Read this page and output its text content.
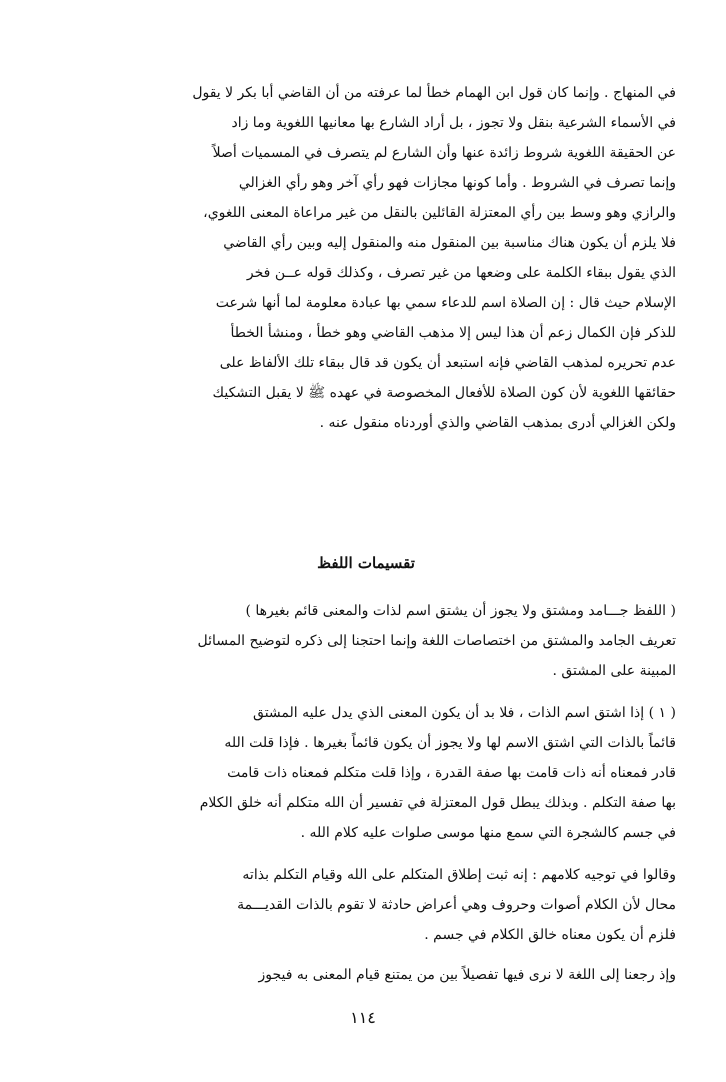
في المنهاج . وإنما كان قول ابن الهمام خطأ لما عرفته من أن القاضي أبا بكر لا يقول
في الأسماء الشرعية بنقل ولا تجوز ، بل أراد الشارع بها معانيها اللغوية وما زاد
عن الحقيقة اللغوية شروط زائدة عنها وأن الشارع لم يتصرف في المسميات أصلاً
وإنما تصرف في الشروط . وأما كونها مجازات فهو رأي آخر وهو رأي الغزالي
والرازي وهو وسط بين رأي المعتزلة القائلين بالنقل من غير مراعاة المعنى اللغوي،
فلا يلزم أن يكون هناك مناسبة بين المنقول منه والمنقول إليه وبين رأي القاضي
الذي يقول ببقاء الكلمة على وضعها من غير تصرف ، وكذلك قوله عــن فخر
الإسلام حيث قال : إن الصلاة اسم للدعاء سمي بها عبادة معلومة لما أنها شرعت
للذكر فإن الكمال زعم أن هذا ليس إلا مذهب القاضي وهو خطأ ، ومنشأ الخطأ
عدم تحريره لمذهب القاضي فإنه استبعد أن يكون قد قال ببقاء تلك الألفاظ على
حقائقها اللغوية لأن كون الصلاة للأفعال المخصوصة في عهده ﷺ لا يقبل التشكيك
ولكن الغزالي أدرى بمذهب القاضي والذي أوردناه منقول عنه .

تقسيمات اللفظ

( اللفظ جـــامد ومشتق ولا يجوز أن يشتق اسم لذات والمعنى قائم بغيرها )
تعريف الجامد والمشتق من اختصاصات اللغة وإنما احتجنا إلى ذكره لتوضيح المسائل
المبينة على المشتق .

( ١ ) إذا اشتق اسم الذات ، فلا بد أن يكون المعنى الذي يدل عليه المشتق
قائماً بالذات التي اشتق الاسم لها ولا يجوز أن يكون قائماً بغيرها . فإذا قلت الله
قادر فمعناه أنه ذات قامت بها صفة القدرة ، وإذا قلت متكلم فمعناه ذات قامت
بها صفة التكلم . وبذلك يبطل قول المعتزلة في تفسير أن الله متكلم أنه خلق الكلام
في جسم كالشجرة التي سمع منها موسى صلوات عليه كلام الله .

وقالوا في توجيه كلامهم : إنه ثبت إطلاق المتكلم على الله وقيام التكلم بذاته
محال لأن الكلام أصوات وحروف وهي أعراض حادثة لا تقوم بالذات القديـــمة
فلزم أن يكون معناه خالق الكلام في جسم .

وإذ رجعنا إلى اللغة لا نرى فيها تفصيلاً بين من يمتنع قيام المعنى به فيجوز

١١٤
